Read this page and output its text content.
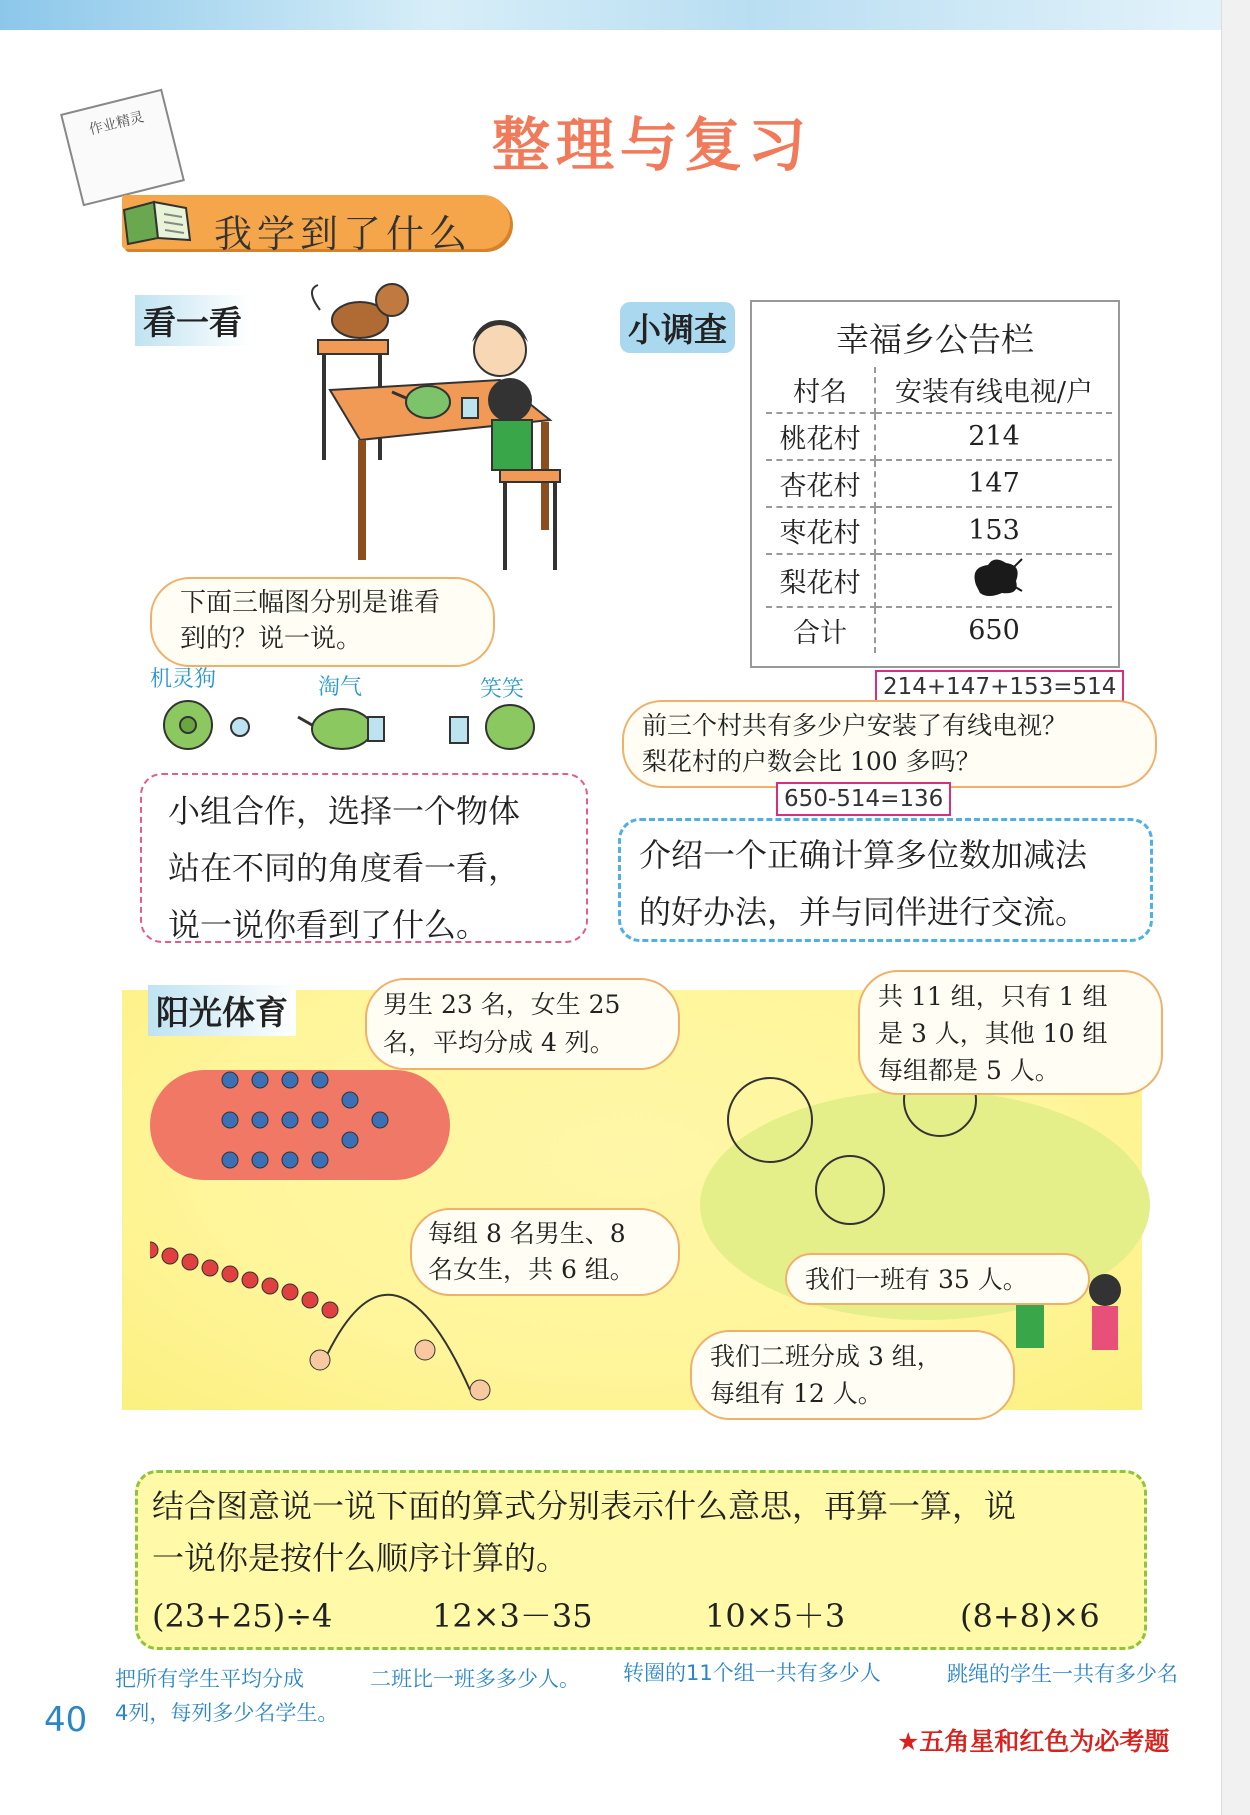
作业精灵	整理与复习
我学到了什么
看一看
下面三幅图分别是谁看到的？说一说。
机灵狗	淘气	笑笑
小组合作，选择一个物体
站在不同的角度看一看，
说一说你看到了什么。
小调查	幸福乡公告栏
村名	安装有线电视/户
桃花村	214
杏花村	147
枣花村	153
梨花村	
合计	650
214+147+153=514
前三个村共有多少户安装了有线电视？
梨花村的户数会比 100 多吗？
650-514=136
介绍一个正确计算多位数加减法
的好办法，并与同伴进行交流。
阳光体育	男生 23 名，女生 25
名，平均分成 4 列。
共 11 组，只有 1 组
是 3 人，其他 10 组
每组都是 5 人。
每组 8 名男生、8
名女生，共 6 组。	我们一班有 35 人。
我们二班分成 3 组，
每组有 12 人。
结合图意说一说下面的算式分别表示什么意思，再算一算，说
一说你是按什么顺序计算的。
(23+25)÷4	12×3－35	10×5＋3	(8+8)×6
把所有学生平均分成
4列，每列多少名学生。
二班比一班多多少人。 转圈的11个组一共有多少人	跳绳的学生一共有多少名
40
★五角星和红色为必考题
